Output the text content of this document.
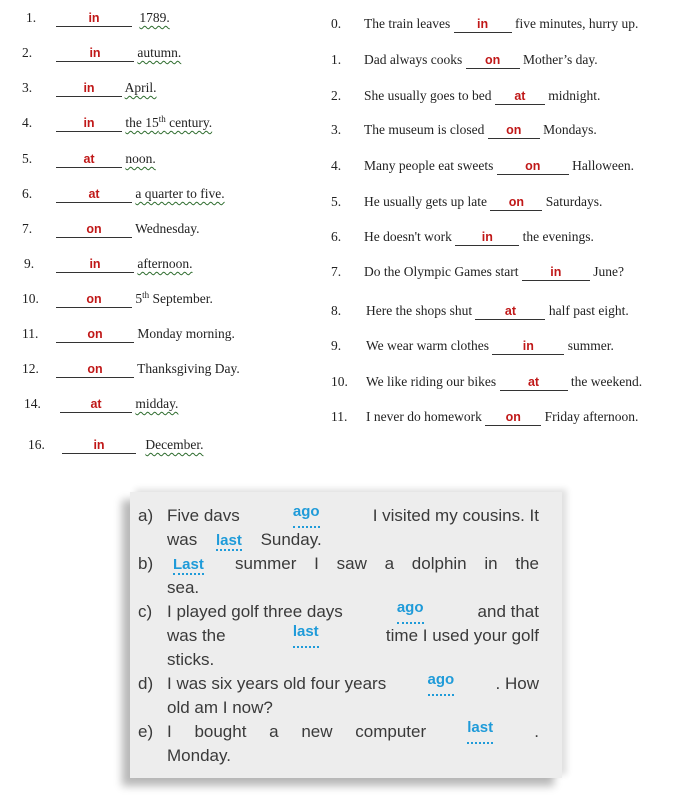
1.	in	1789.
2.	in	autumn.
3.	in April.
4.	in the 15th century.
5.	at noon.
6.	at	a quarter to five.
7.	on Wednesday.
9.	in	afternoon.
10.	on 5th September.
11.	on	Monday morning.
12.	on	Thanksgiving Day.
14.	at	midday.
16.	in	December.
0. The train leaves in five minutes, hurry up.
1. Dad always cooks on Mother’s day.
2. She usually goes to bed at midnight.
3. The museum is closed on Mondays.
4. Many people eat sweets	on Halloween.
5. He usually gets up late on Saturdays.
6. He doesn't work in the evenings.
7. Do the Olympic Games start	in June?
8. Here the shops shut	at half past eight.
9. We wear warm clothes	in	summer.
10. We like riding our bikes	at the weekend.
11. I never do homework on Friday afternoon.
a) Five davs	ago	I visited my cousins. It
was last Sunday.
b)	Last summer I saw a dolphin in the
sea.
c) I played golf three days	ago	and that
was the	last	time I used your golf
sticks.
d) I was six years old four years	ago . How
old am I now?
e) I bought a new computer	last .
Monday.
